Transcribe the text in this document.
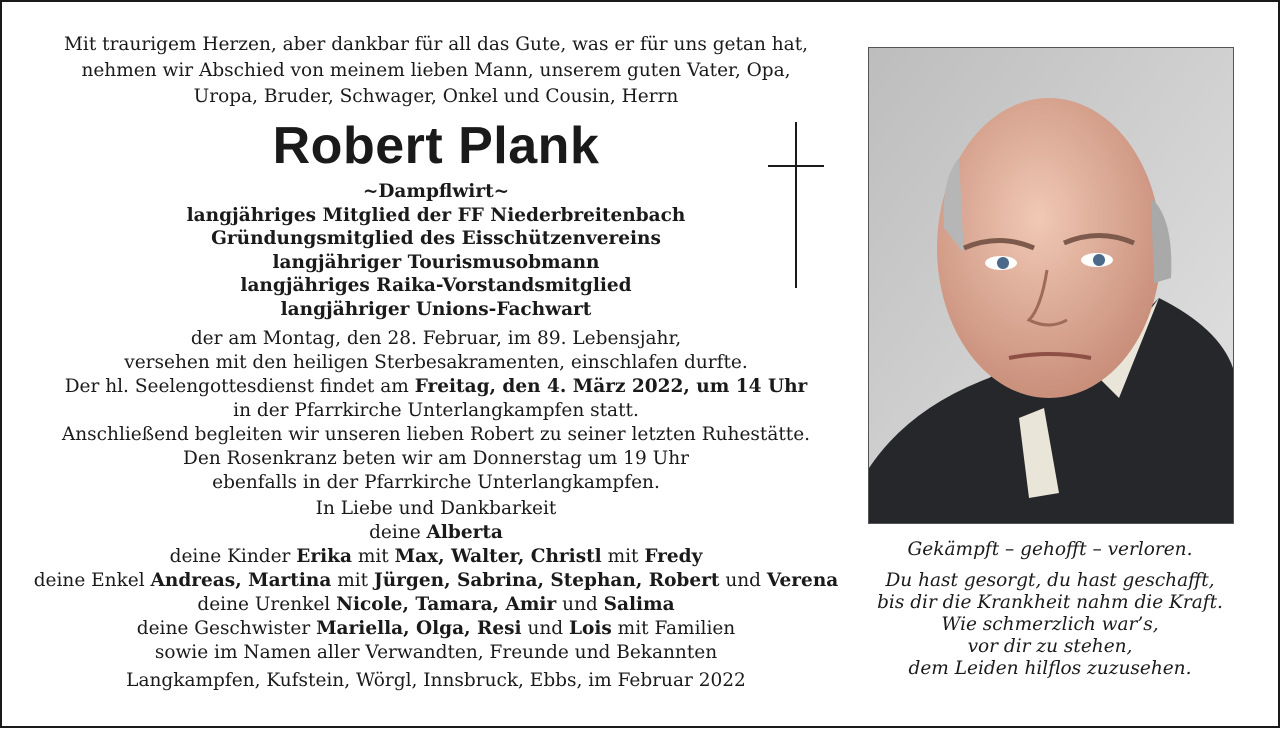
Mit traurigem Herzen, aber dankbar für all das Gute, was er für uns getan hat,
nehmen wir Abschied von meinem lieben Mann, unserem guten Vater, Opa,
Uropa, Bruder, Schwager, Onkel und Cousin, Herrn
Robert Plank
~Dampflwirt~
langjähriges Mitglied der FF Niederbreitenbach
Gründungsmitglied des Eisschützenvereins
langjähriger Tourismusobmann
langjähriges Raika-Vorstandsmitglied
langjähriger Unions-Fachwart
der am Montag, den 28. Februar, im 89. Lebensjahr,
versehen mit den heiligen Sterbesakramenten, einschlafen durfte.
Der hl. Seelengottesdienst findet am Freitag, den 4. März 2022, um 14 Uhr
in der Pfarrkirche Unterlangkampfen statt.
Anschließend begleiten wir unseren lieben Robert zu seiner letzten Ruhestätte.
Den Rosenkranz beten wir am Donnerstag um 19 Uhr
ebenfalls in der Pfarrkirche Unterlangkampfen.
In Liebe und Dankbarkeit
deine Alberta
deine Kinder Erika mit Max, Walter, Christl mit Fredy
deine Enkel Andreas, Martina mit Jürgen, Sabrina, Stephan, Robert und Verena
deine Urenkel Nicole, Tamara, Amir und Salima
deine Geschwister Mariella, Olga, Resi und Lois mit Familien
sowie im Namen aller Verwandten, Freunde und Bekannten
Langkampfen, Kufstein, Wörgl, Innsbruck, Ebbs, im Februar 2022
Gekämpft – gehofft – verloren.
Du hast gesorgt, du hast geschafft,
bis dir die Krankheit nahm die Kraft.
Wie schmerzlich war’s,
vor dir zu stehen,
dem Leiden hilflos zuzusehen.
